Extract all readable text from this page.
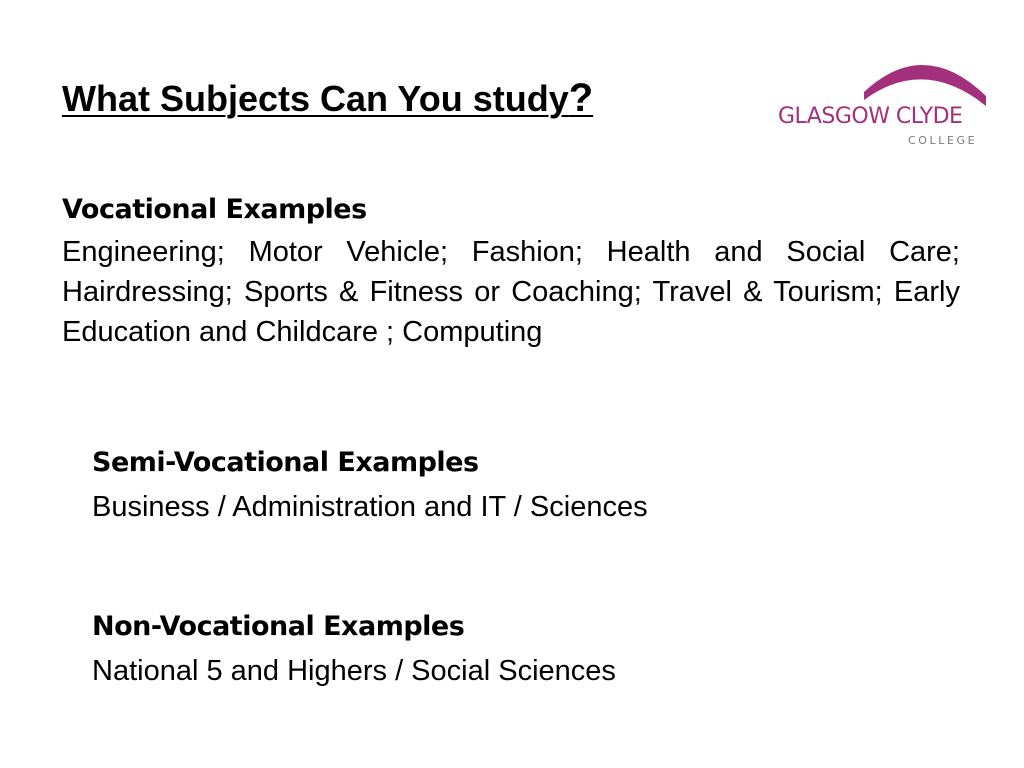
What Subjects Can You study?	GLASGOW CLYDE
COLLEGE
Vocational Examples

Engineering; Motor Vehicle; Fashion; Health and Social Care; Hairdressing; Sports & Fitness or Coaching; Travel & Tourism; Early Education and Childcare ; Computing

Semi-Vocational Examples

Business / Administration and IT / Sciences

Non-Vocational Examples

National 5 and Highers / Social Sciences
